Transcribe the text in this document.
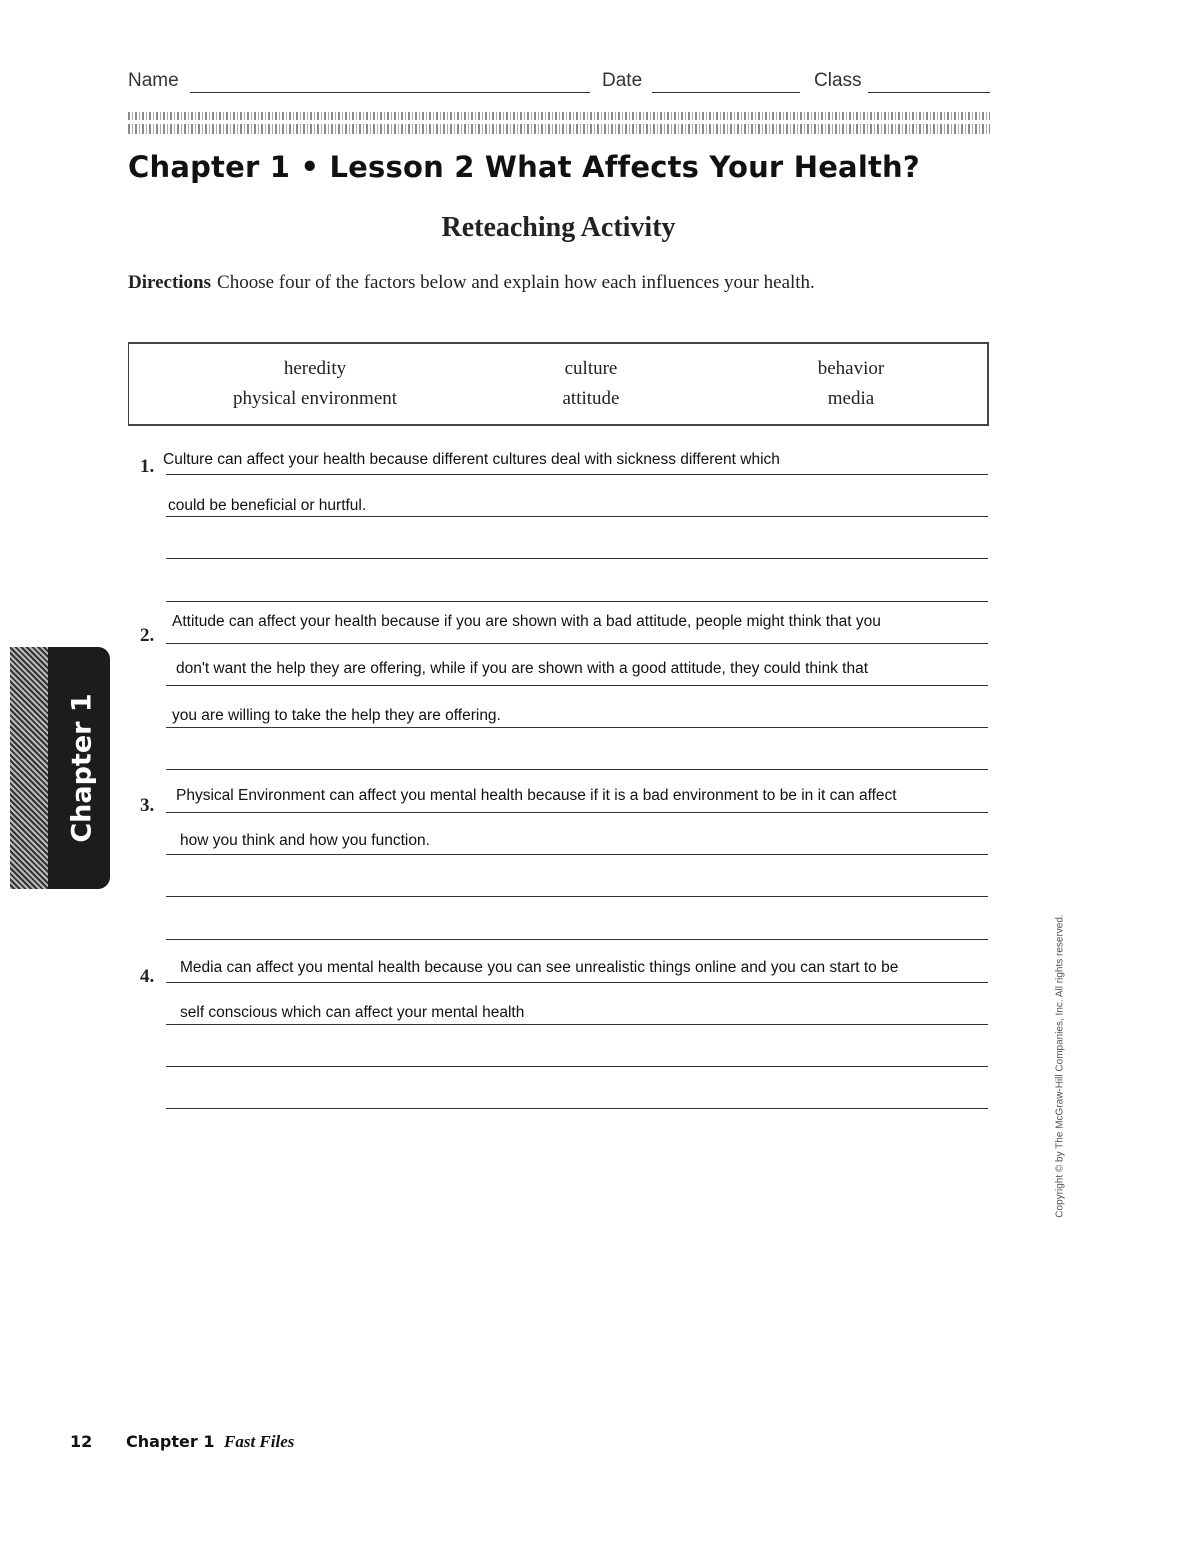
Name	Date	Class
Chapter 1 • Lesson 2 What Affects Your Health?
Reteaching Activity
Directions Choose four of the factors below and explain how each influences your health.
heredity	culture	behavior
physical environment	attitude	media
1. Culture can affect your health because different cultures deal with sickness different which
could be beneficial or hurtful.
2.
Attitude can affect your health because if you are shown with a bad attitude, people might think that you
don't want the help they are offering, while if you are shown with a good attitude, they could think that
you are willing to take the help they are offering.
3. Physical Environment can affect you mental health because if it is a bad environment to be in it can affect
how you think and how you function.
4. Media can affect you mental health because you can see unrealistic things online and you can start to be
self conscious which can affect your mental health
Chapter 1
Copyright © by The McGraw-Hill Companies, Inc. All rights reserved.
12 Chapter 1 Fast Files
